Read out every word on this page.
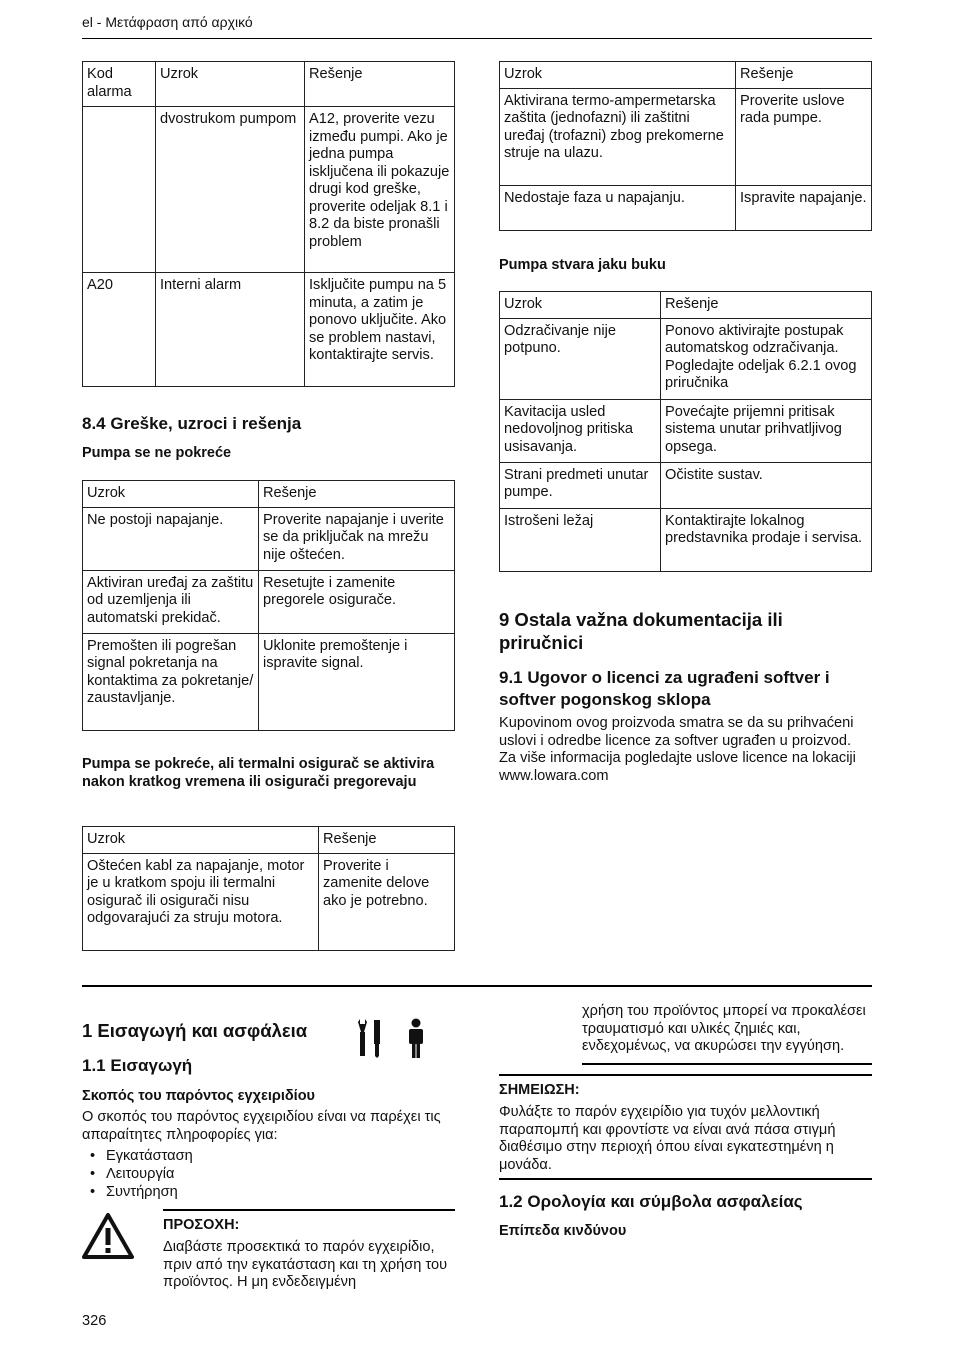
el - Μετάφραση από αρχικό
Kod alarma	Uzrok	Rešenje
	dvostrukom pumpom	A12, proverite vezu između pumpi. Ako je jedna pumpa isključena ili pokazuje drugi kod greške, proverite odeljak 8.1 i 8.2 da biste pronašli problem
A20	Interni alarm	Isključite pumpu na 5 minuta, a zatim je ponovo uključite. Ako se problem nastavi, kontaktirajte servis.
8.4 Greške, uzroci i rešenja
Pumpa se ne pokreće
Uzrok	Rešenje
Ne postoji napajanje.	Proverite napajanje i uverite se da priključak na mrežu nije oštećen.
Aktiviran uređaj za zaštitu od uzemljenja ili automatski prekidač.	Resetujte i zamenite pregorele osigurače.
Premošten ili pogrešan signal pokretanja na kontaktima za pokretanje/ zaustavljanje.	Uklonite premoštenje i ispravite signal.
Pumpa se pokreće, ali termalni osigurač se aktivira nakon kratkog vremena ili osigurači pregorevaju
Uzrok	Rešenje
Oštećen kabl za napajanje, motor je u kratkom spoju ili termalni osigurač ili osigurači nisu odgovarajući za struju motora.	Proverite i zamenite delove ako je potrebno.
Uzrok	Rešenje
Aktivirana termo-ampermetarska zaštita (jednofazni) ili zaštitni uređaj (trofazni) zbog prekomerne struje na ulazu.	Proverite uslove rada pumpe.
Nedostaje faza u napajanju.	Ispravite napajanje.
Pumpa stvara jaku buku
Uzrok	Rešenje
Odzračivanje nije potpuno.	Ponovo aktivirajte postupak automatskog odzračivanja. Pogledajte odeljak 6.2.1 ovog priručnika
Kavitacija usled nedovoljnog pritiska usisavanja.	Povećajte prijemni pritisak sistema unutar prihvatljivog opsega.
Strani predmeti unutar pumpe.	Očistite sustav.
Istrošeni ležaj	Kontaktirajte lokalnog predstavnika prodaje i servisa.
9 Ostala važna dokumentacija ili priručnici
9.1 Ugovor o licenci za ugrađeni softver i softver pogonskog sklopa

Kupovinom ovog proizvoda smatra se da su prihvaćeni uslovi i odredbe licence za softver ugrađen u proizvod. Za više informacija pogledajte uslove licence na lokaciji www.lowara.com

1 Εισαγωγή και ασφάλεια
1.1 Εισαγωγή
Σκοπός του παρόντος εγχειριδίου

Ο σκοπός του παρόντος εγχειριδίου είναι να παρέχει τις απαραίτητες πληροφορίες για:

• Εγκατάσταση
• Λειτουργία
• Συντήρηση
ΠΡΟΣΟΧΗ:

Διαβάστε προσεκτικά το παρόν εγχειρίδιο, πριν από την εγκατάσταση και τη χρήση του προϊόντος. Η μη ενδεδειγμένη

χρήση του προϊόντος μπορεί να προκαλέσει τραυματισμό και υλικές ζημιές και, ενδεχομένως, να ακυρώσει την εγγύηση.

ΣΗΜΕΙΩΣΗ:

Φυλάξτε το παρόν εγχειρίδιο για τυχόν μελλοντική παραπομπή και φροντίστε να είναι ανά πάσα στιγμή διαθέσιμο στην περιοχή όπου είναι εγκατεστημένη η μονάδα.

1.2 Ορολογία και σύμβολα ασφαλείας
Επίπεδα κινδύνου
326
